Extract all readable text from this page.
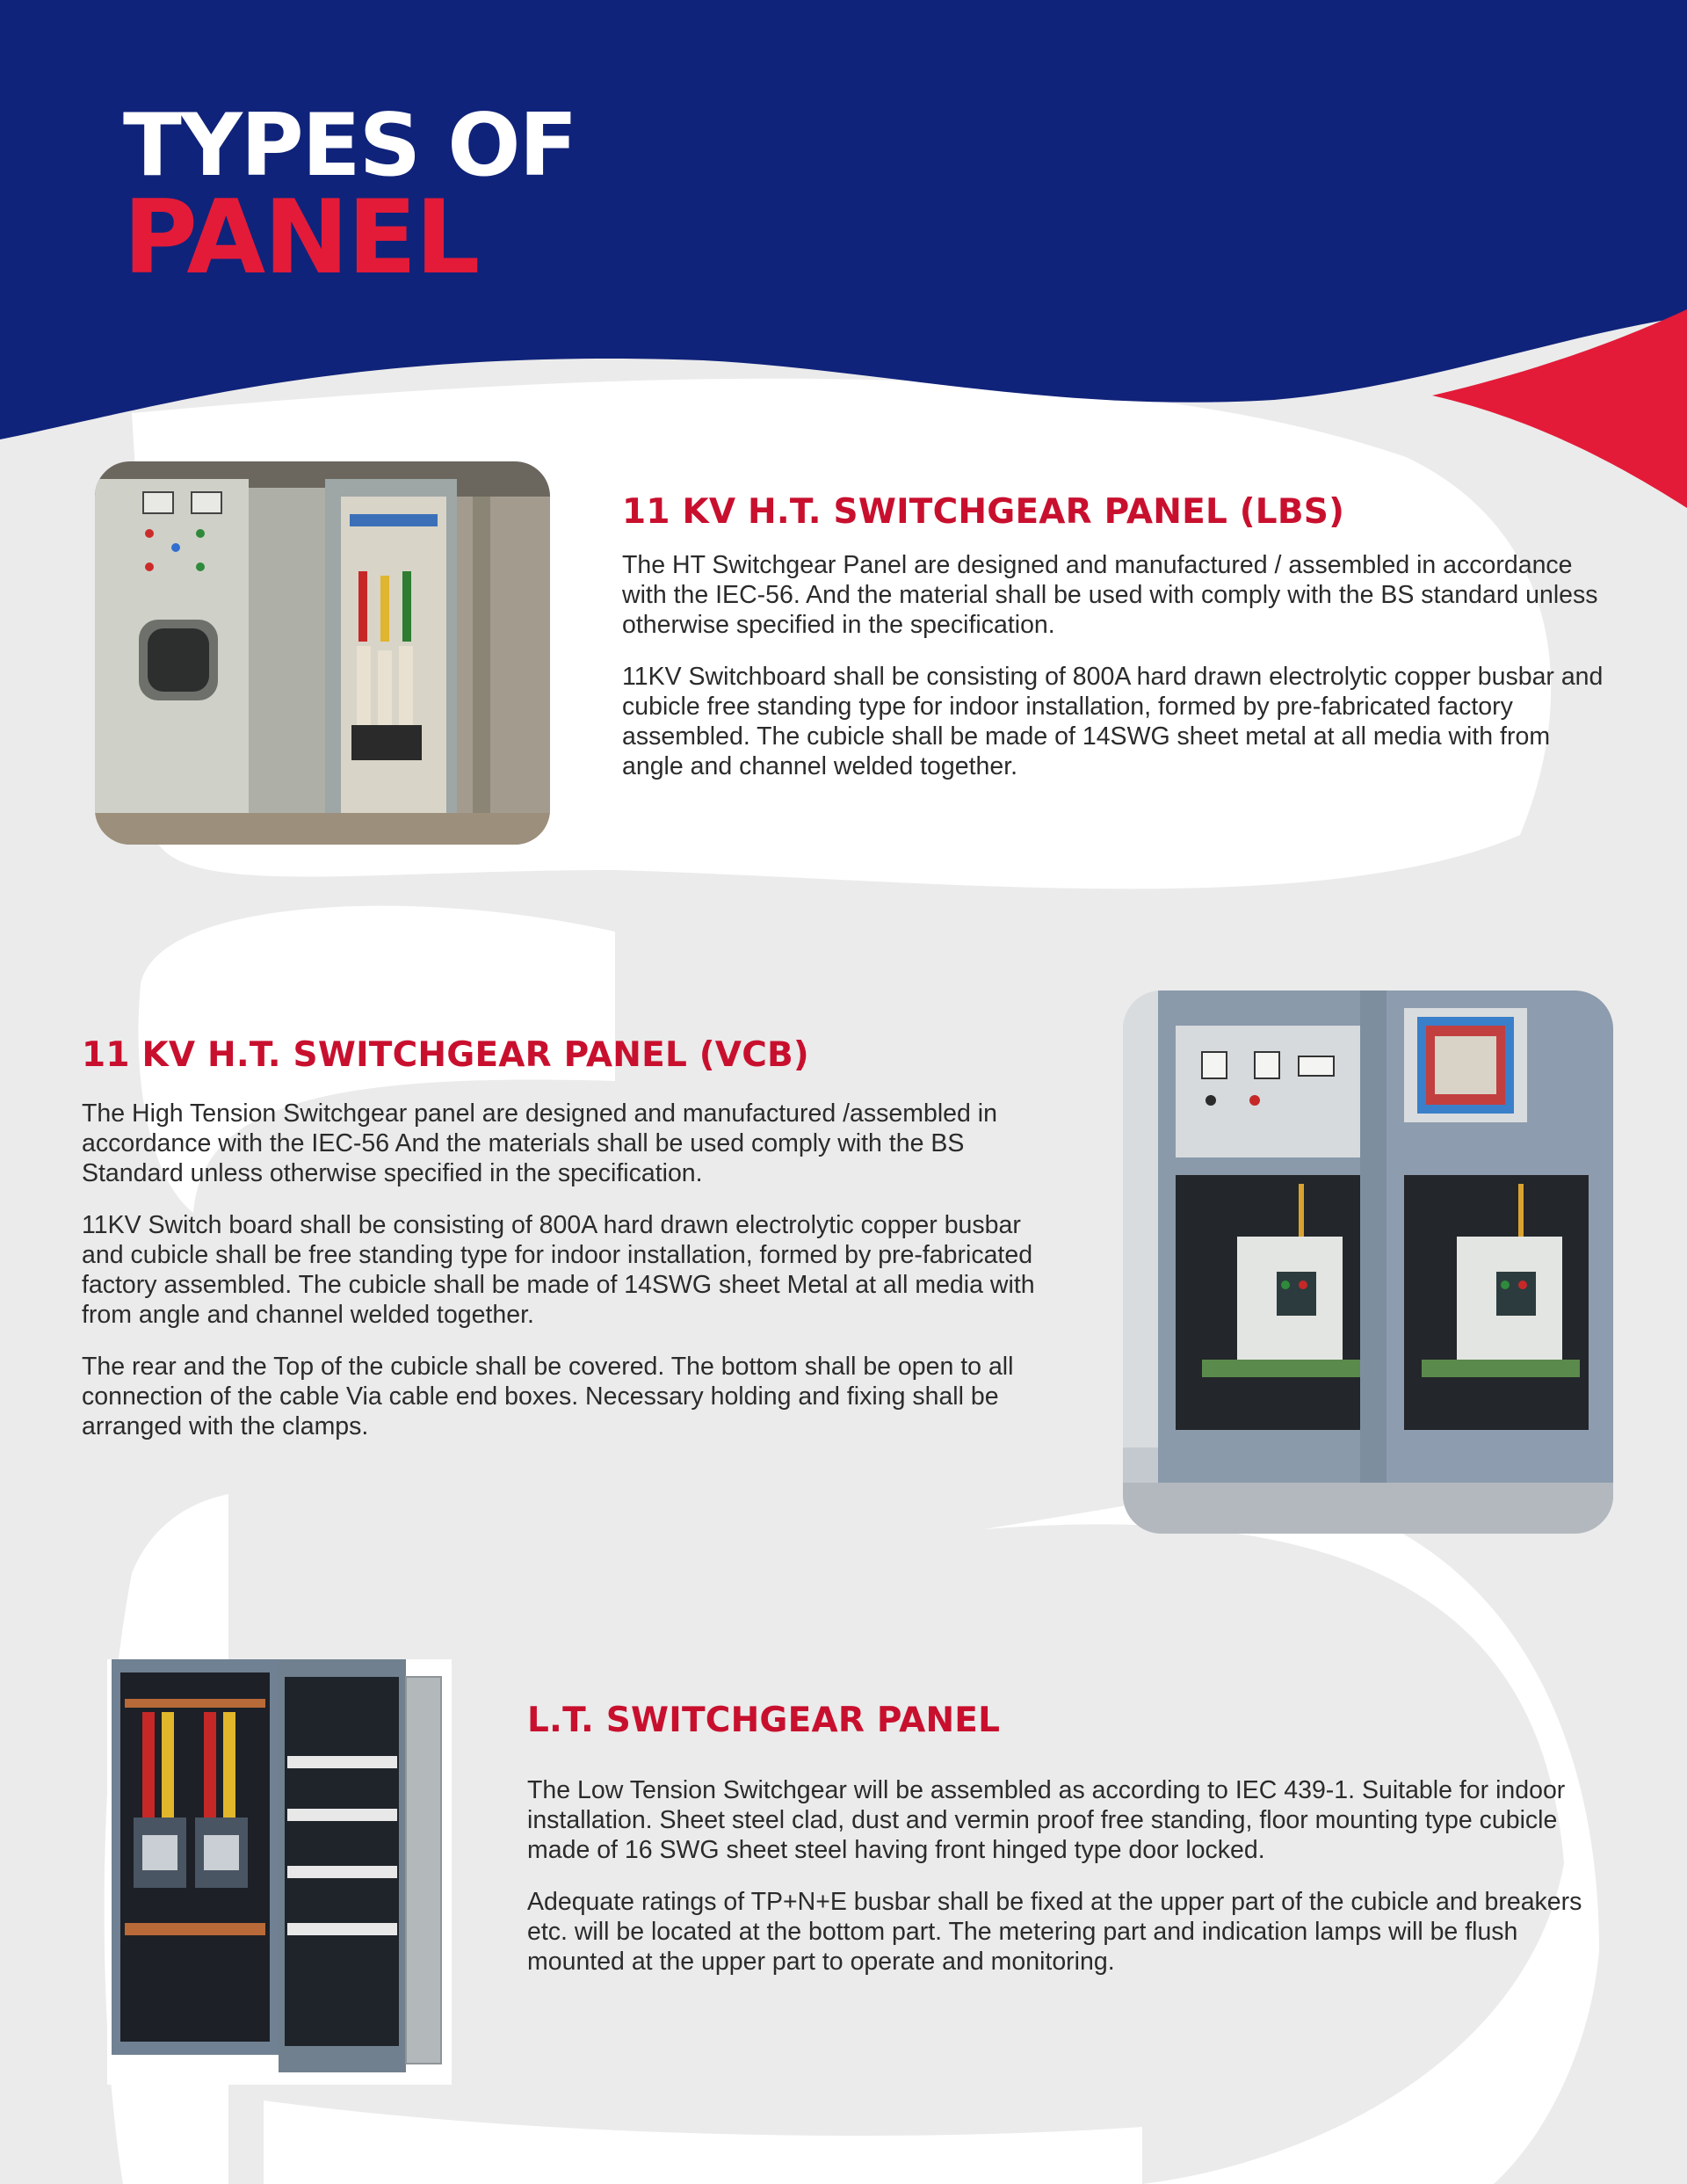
TYPES OF
PANEL
11 KV H.T. SWITCHGEAR PANEL (LBS)

The HT Switchgear Panel are designed and manufactured / assembled in accordance with the IEC-56. And the material shall be used with comply with the BS standard unless otherwise specified in the specification.

11KV Switchboard shall be consisting of 800A hard drawn electrolytic copper busbar and cubicle free standing type for indoor installation, formed by pre-fabricated factory assembled. The cubicle shall be made of 14SWG sheet metal at all media with from angle and channel welded together.

11 KV H.T. SWITCHGEAR PANEL (VCB)

The High Tension Switchgear panel are designed and manufactured /assembled in accordance with the IEC-56 And the materials shall be used comply with the BS Standard unless otherwise specified in the specification.

11KV Switch board shall be consisting of 800A hard drawn electrolytic copper busbar and cubicle shall be free standing type for indoor installation, formed by pre-fabricated factory assembled. The cubicle shall be made of 14SWG sheet Metal at all media with from angle and channel welded together.

The rear and the Top of the cubicle shall be covered. The bottom shall be open to all connection of the cable Via cable end boxes. Necessary holding and fixing shall be arranged with the clamps.

L.T. SWITCHGEAR PANEL

The Low Tension Switchgear will be assembled as according to IEC 439-1. Suitable for indoor installation. Sheet steel clad, dust and vermin proof free standing, floor mounting type cubicle made of 16 SWG sheet steel having front hinged type door locked.

Adequate ratings of TP+N+E busbar shall be fixed at the upper part of the cubicle and breakers etc. will be located at the bottom part. The metering part and indication lamps will be flush mounted at the upper part to operate and monitoring.
